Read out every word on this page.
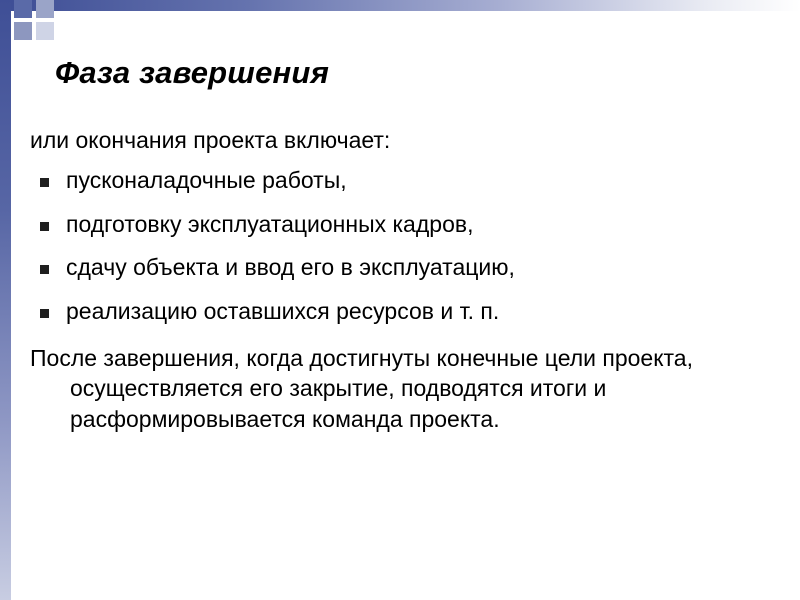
Фаза завершения

или окончания проекта включает:

пусконаладочные работы,
подготовку эксплуатационных кадров,
сдачу объекта и ввод его в эксплуатацию,
реализацию оставшихся ресурсов и т. п.

После завершения, когда достигнуты конечные цели проекта, осуществляется его закрытие, подводятся итоги и расформировывается команда проекта.
